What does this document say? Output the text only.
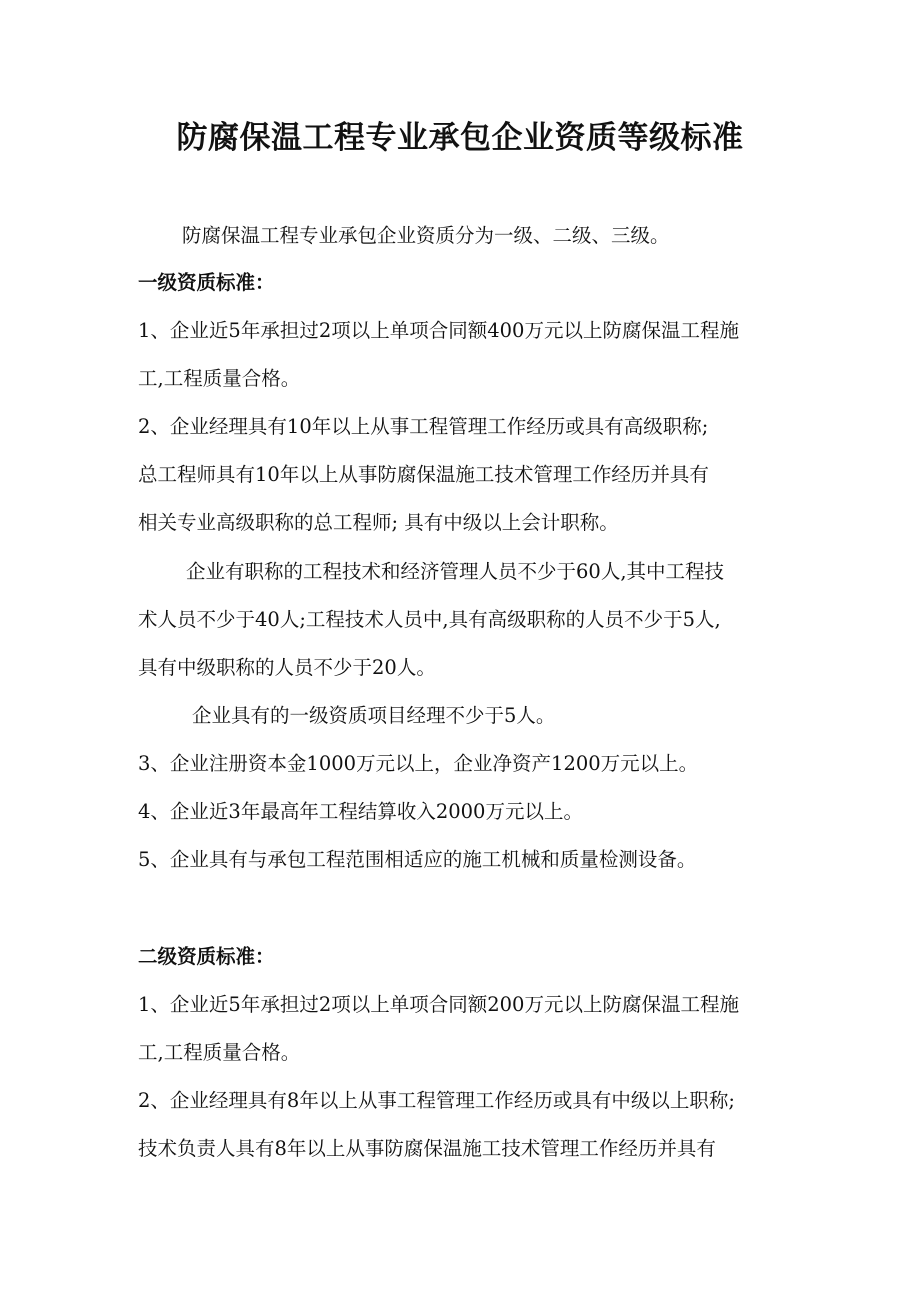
防腐保温工程专业承包企业资质等级标准
防腐保温工程专业承包企业资质分为一级、二级、三级。
一级资质标准：
1、企业近5年承担过2项以上单项合同额400万元以上防腐保温工程施
工,工程质量合格。
2、企业经理具有10年以上从事工程管理工作经历或具有高级职称;
总工程师具有10年以上从事防腐保温施工技术管理工作经历并具有
相关专业高级职称的总工程师; 具有中级以上会计职称。
企业有职称的工程技术和经济管理人员不少于60人,其中工程技
术人员不少于40人;工程技术人员中,具有高级职称的人员不少于5人,
具有中级职称的人员不少于20人。
企业具有的一级资质项目经理不少于5人。
3、企业注册资本金1000万元以上，企业净资产1200万元以上。
4、企业近3年最高年工程结算收入2000万元以上。
5、企业具有与承包工程范围相适应的施工机械和质量检测设备。
二级资质标准：
1、企业近5年承担过2项以上单项合同额200万元以上防腐保温工程施
工,工程质量合格。
2、企业经理具有8年以上从事工程管理工作经历或具有中级以上职称;
技术负责人具有8年以上从事防腐保温施工技术管理工作经历并具有
